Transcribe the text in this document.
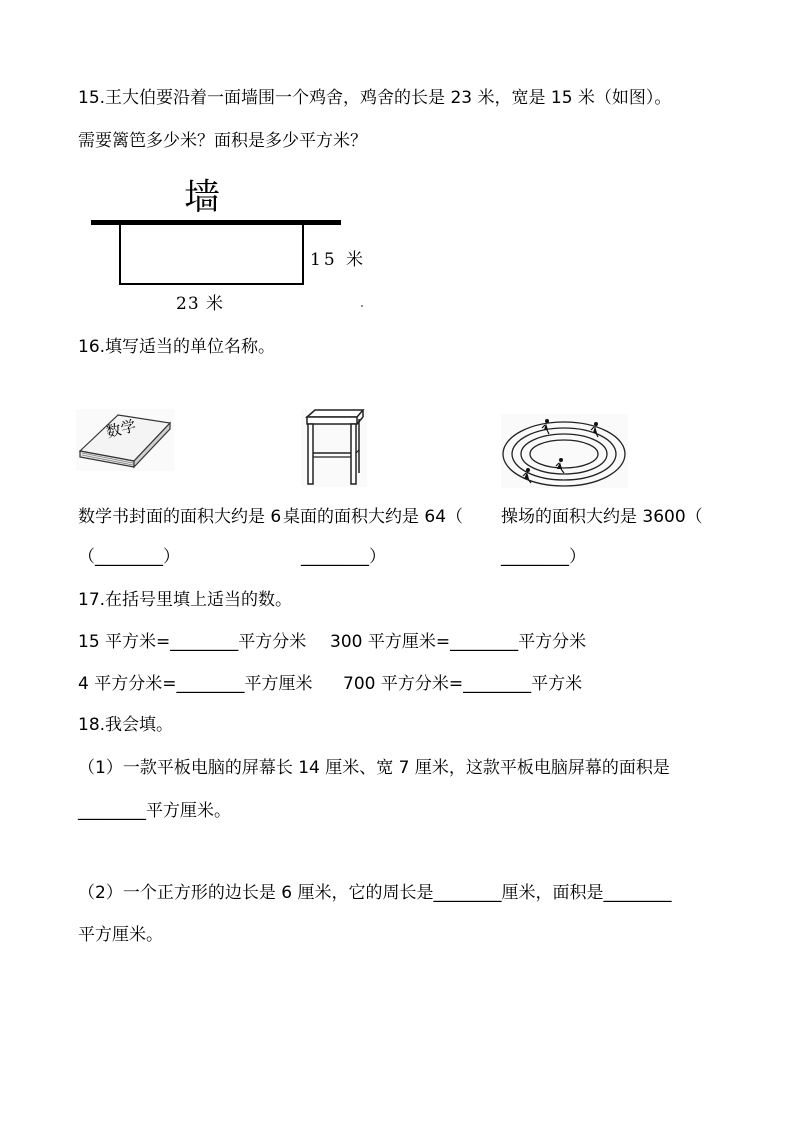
15.王大伯要沿着一面墙围一个鸡舍，鸡舍的长是 23 米，宽是 15 米（如图）。
需要篱笆多少米？面积是多少平方米？
墙
15 米
23 米
16.填写适当的单位名称。
数学
数学书封面的面积大约是 6 桌面的面积大约是 64（ 操场的面积大约是 3600（
（________）	________）	________）
17.在括号里填上适当的数。
15 平方米=________平方分米 300 平方厘米=________平方分米
4 平方分米=________平方厘米 700 平方分米=________平方米
18.我会填。
（1）一款平板电脑的屏幕长 14 厘米、宽 7 厘米，这款平板电脑屏幕的面积是
________平方厘米。
（2）一个正方形的边长是 6 厘米，它的周长是________厘米，面积是________
平方厘米。
